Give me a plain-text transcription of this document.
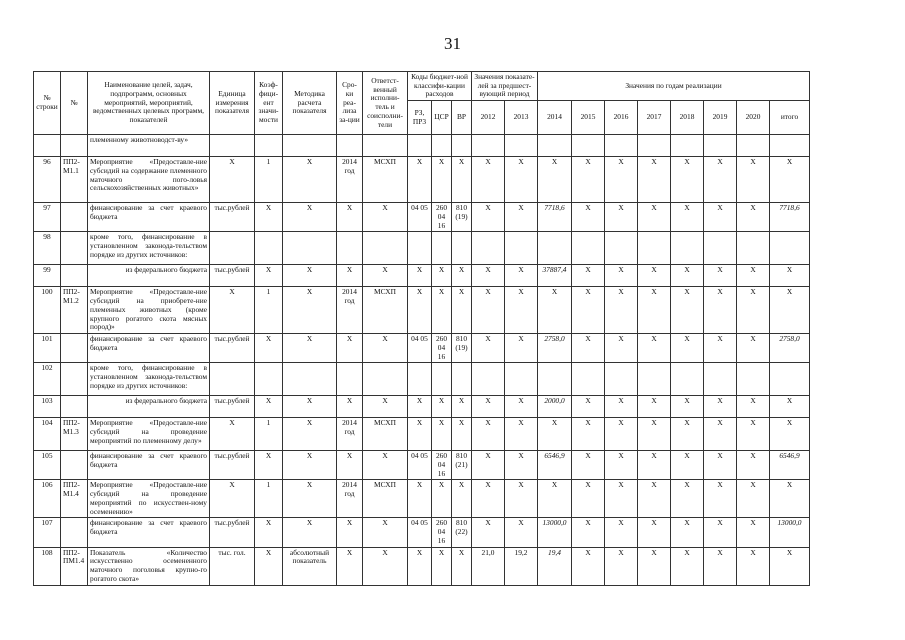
31
№ строки	№	Наименование целей, задач, подпрограмм, основных мероприятий, мероприятий, ведомственных целевых программ, показателей	Единица измерения показателя	Коэф-фици-ент значи-мости	Методика расчета показателя	Сро-ки реа-лиза за-ции	Ответст-венный исполни-тель и соисполни-тели	Коды бюджет-ной классифи-кации расходов			Значения показате-лей за предшест-вующий период		Значения по годам реализации							
								РЗ, ПР3	ЦСР	ВР	2012	2013	2014	2015	2016	2017	2018	2019	2020	итого
		племенному животноводст-ву»																		
96	ПП2-М1.1	Мероприятие «Предоставле-ние субсидий на содержание племенного маточного пого-ловья сельскохозяйственных животных»	Х	1	Х	2014 год	МСХП	Х	Х	Х	Х	Х	Х	Х	Х	Х	Х	Х	Х	Х
97		финансирование за счет краевого бюджета	тыс.рублей	Х	Х	Х	Х	04 05	260 04 16	810 (19)	Х	Х	7718,6	Х	Х	Х	Х	Х	Х	7718,6
98		кроме того, финансирование в установленном законода-тельством порядке из других источников:																		
99		из федерального бюджета	тыс.рублей	Х	Х	Х	Х	Х	Х	Х	Х	Х	37887,4	Х	Х	Х	Х	Х	Х	Х
100	ПП2-М1.2	Мероприятие «Предоставле-ние субсидий на приобрете-ние племенных животных (кроме крупного рогатого скота мясных пород)»	Х	1	Х	2014 год	МСХП	Х	Х	Х	Х	Х	Х	Х	Х	Х	Х	Х	Х	Х
101		финансирование за счет краевого бюджета	тыс.рублей	Х	Х	Х	Х	04 05	260 04 16	810 (19)	Х	Х	2758,0	Х	Х	Х	Х	Х	Х	2758,0
102		кроме того, финансирование в установленном законода-тельством порядке из других источников:																		
103		из федерального бюджета	тыс.рублей	Х	Х	Х	Х	Х	Х	Х	Х	Х	2000,0	Х	Х	Х	Х	Х	Х	Х
104	ПП2-М1.3	Мероприятие «Предоставле-ние субсидий на проведение мероприятий по племенному делу»	Х	1	Х	2014 год	МСХП	Х	Х	Х	Х	Х	Х	Х	Х	Х	Х	Х	Х	Х
105		финансирование за счет краевого бюджета	тыс.рублей	Х	Х	Х	Х	04 05	260 04 16	810 (21)	Х	Х	6546,9	Х	Х	Х	Х	Х	Х	6546,9
106	ПП2-М1.4	Мероприятие «Предоставле-ние субсидий на проведение мероприятий по искусствен-ному осеменению»	Х	1	Х	2014 год	МСХП	Х	Х	Х	Х	Х	Х	Х	Х	Х	Х	Х	Х	Х
107		финансирование за счет краевого бюджета	тыс.рублей	Х	Х	Х	Х	04 05	260 04 16	810 (22)	Х	Х	13000,0	Х	Х	Х	Х	Х	Х	13000,0
108	ПП2-ПМ1.4	Показатель «Количество искусственно осемененного маточного поголовья крупно-го рогатого скота»	тыс. гол.	Х	абсолютный показатель	Х	Х	Х	Х	Х	21,0	19,2	19,4	Х	Х	Х	Х	Х	Х	Х
